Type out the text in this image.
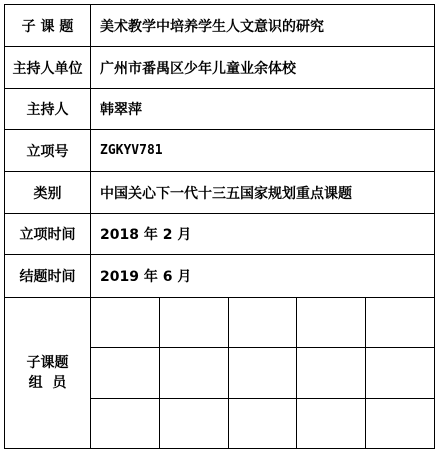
子 课 题	美术教学中培养学生人文意识的研究
主持人单位	广州市番禺区少年儿童业余体校
主持人	韩翠萍
立项号	ZGKYV781
类别	中国关心下一代十三五国家规划重点课题
立项时间	2018 年 2 月
结题时间	2019 年 6 月

子课题
组  员
